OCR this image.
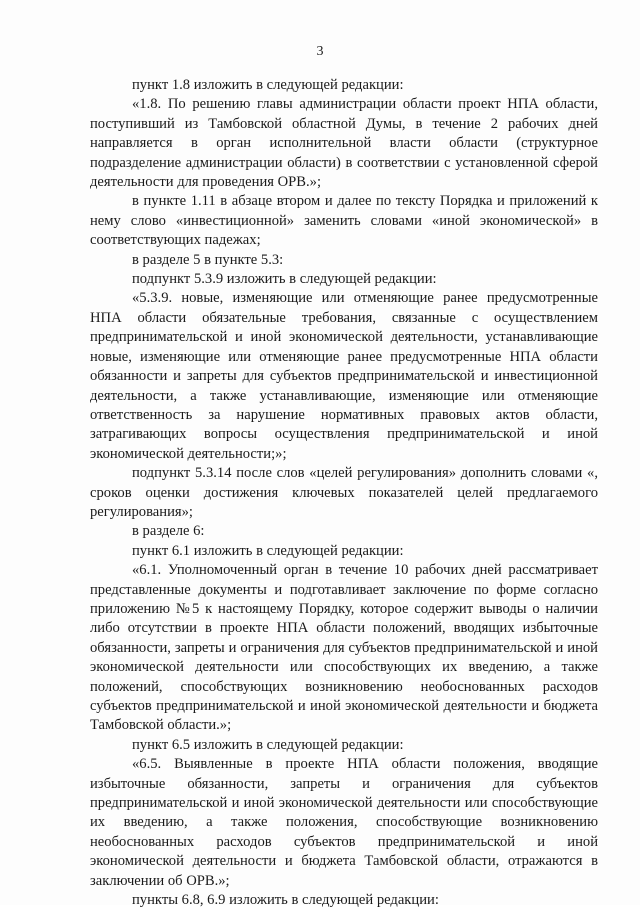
3

пункт 1.8 изложить в следующей редакции:

«1.8. По решению главы администрации области проект НПА области, поступивший из Тамбовской областной Думы, в течение 2 рабочих дней направляется в орган исполнительной власти области (структурное подразделение администрации области) в соответствии с установленной сферой деятельности для проведения ОРВ.»;

в пункте 1.11 в абзаце втором и далее по тексту Порядка и приложений к нему слово «инвестиционной» заменить словами «иной экономической» в соответствующих падежах;

в разделе 5 в пункте 5.3:

подпункт 5.3.9 изложить в следующей редакции:

«5.3.9. новые, изменяющие или отменяющие ранее предусмотренные НПА области обязательные требования, связанные с осуществлением предпринимательской и иной экономической деятельности, устанавливающие новые, изменяющие или отменяющие ранее предусмотренные НПА области обязанности и запреты для субъектов предпринимательской и инвестиционной деятельности, а также устанавливающие, изменяющие или отменяющие ответственность за нарушение нормативных правовых актов области, затрагивающих вопросы осуществления предпринимательской и иной экономической деятельности;»;

подпункт 5.3.14 после слов «целей регулирования» дополнить словами «, сроков оценки достижения ключевых показателей целей предлагаемого регулирования»;

в разделе 6:

пункт 6.1 изложить в следующей редакции:

«6.1. Уполномоченный орган в течение 10 рабочих дней рассматривает представленные документы и подготавливает заключение по форме согласно приложению №5 к настоящему Порядку, которое содержит выводы о наличии либо отсутствии в проекте НПА области положений, вводящих избыточные обязанности, запреты и ограничения для субъектов предпринимательской и иной экономической деятельности или способствующих их введению, а также положений, способствующих возникновению необоснованных расходов субъектов предпринимательской и иной экономической деятельности и бюджета Тамбовской области.»;

пункт 6.5 изложить в следующей редакции:

«6.5. Выявленные в проекте НПА области положения, вводящие избыточные обязанности, запреты и ограничения для субъектов предпринимательской и иной экономической деятельности или способствующие их введению, а также положения, способствующие возникновению необоснованных расходов субъектов предпринимательской и иной экономической деятельности и бюджета Тамбовской области, отражаются в заключении об ОРВ.»;

пункты 6.8, 6.9 изложить в следующей редакции:
